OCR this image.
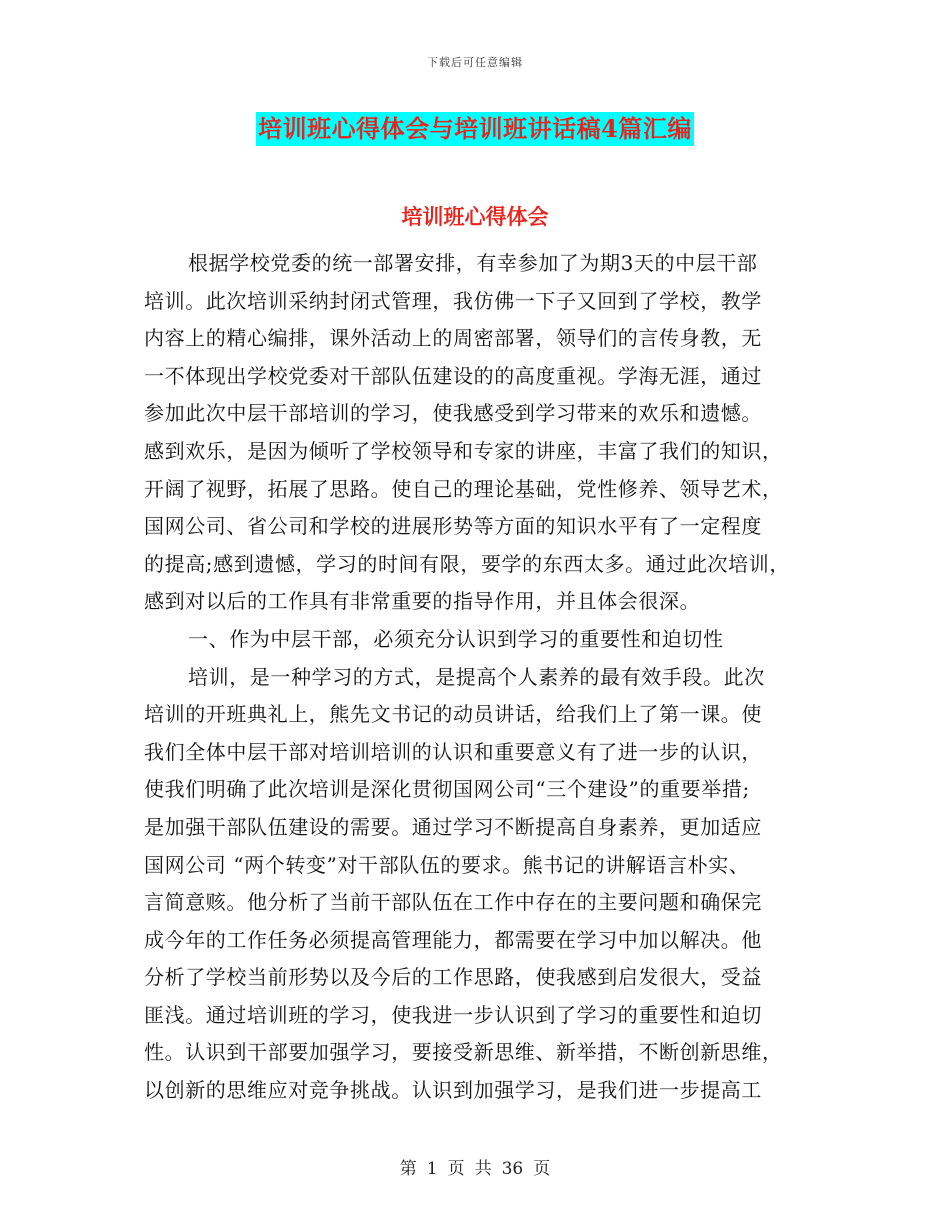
下载后可任意编辑
培训班心得体会与培训班讲话稿4篇汇编
培训班心得体会
根据学校党委的统一部署安排，有幸参加了为期3天的中层干部
培训。此次培训采纳封闭式管理，我仿佛一下子又回到了学校，教学
内容上的精心编排，课外活动上的周密部署，领导们的言传身教，无
一不体现出学校党委对干部队伍建设的的高度重视。学海无涯，通过
参加此次中层干部培训的学习，使我感受到学习带来的欢乐和遗憾。
感到欢乐，是因为倾听了学校领导和专家的讲座，丰富了我们的知识，
开阔了视野，拓展了思路。使自己的理论基础，党性修养、领导艺术，
国网公司、省公司和学校的进展形势等方面的知识水平有了一定程度
的提高;感到遗憾，学习的时间有限，要学的东西太多。通过此次培训，
感到对以后的工作具有非常重要的指导作用，并且体会很深。
一、作为中层干部，必须充分认识到学习的重要性和迫切性
培训，是一种学习的方式，是提高个人素养的最有效手段。此次
培训的开班典礼上，熊先文书记的动员讲话，给我们上了第一课。使
我们全体中层干部对培训培训的认识和重要意义有了进一步的认识，
使我们明确了此次培训是深化贯彻国网公司“三个建设”的重要举措;
是加强干部队伍建设的需要。通过学习不断提高自身素养，更加适应
国网公司 “两个转变”对干部队伍的要求。熊书记的讲解语言朴实、
言简意赅。他分析了当前干部队伍在工作中存在的主要问题和确保完
成今年的工作任务必须提高管理能力，都需要在学习中加以解决。他
分析了学校当前形势以及今后的工作思路，使我感到启发很大，受益
匪浅。通过培训班的学习，使我进一步认识到了学习的重要性和迫切
性。认识到干部要加强学习，要接受新思维、新举措，不断创新思维，
以创新的思维应对竞争挑战。认识到加强学习，是我们进一步提高工
第 1 页 共 36 页
